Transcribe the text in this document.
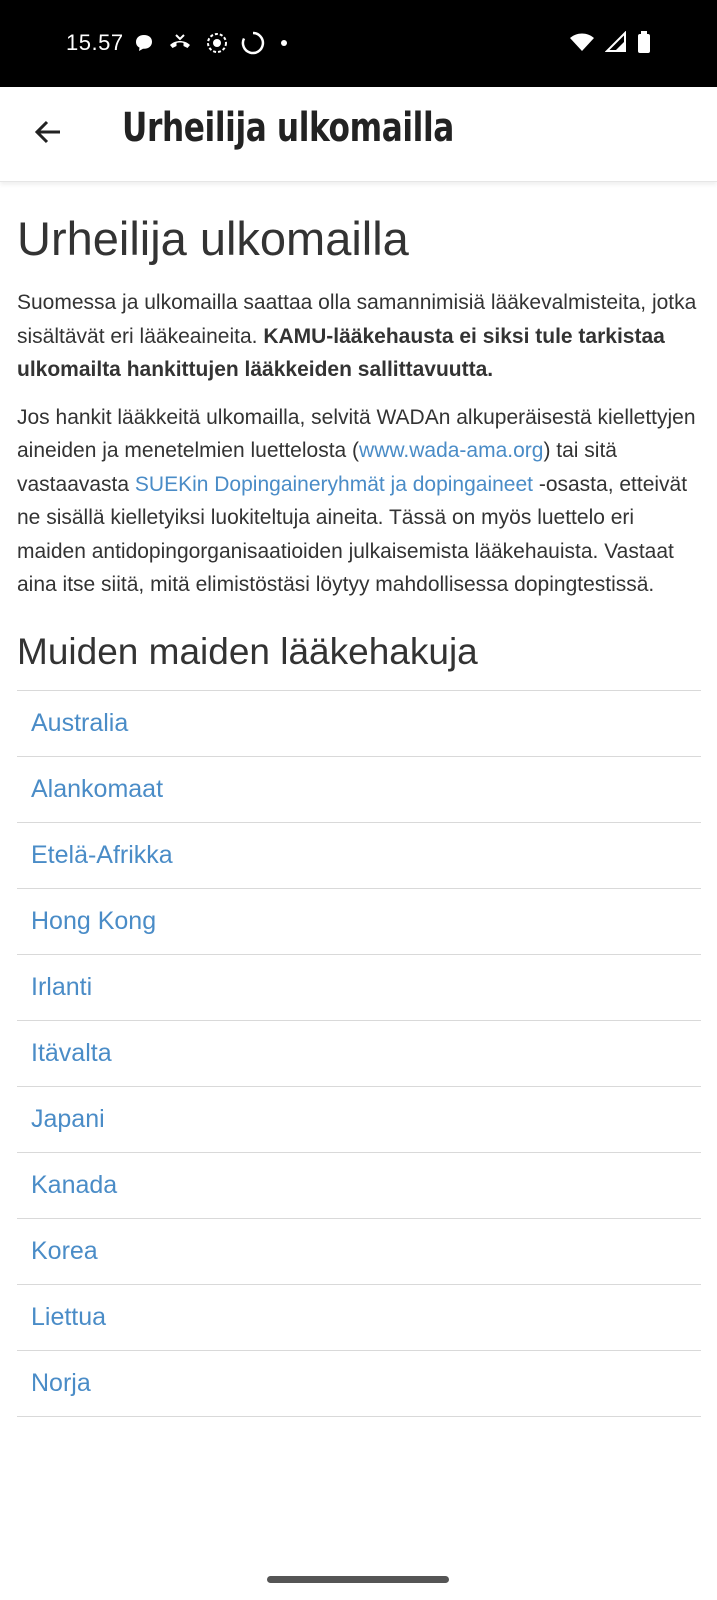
15.57
Urheilija ulkomailla
Urheilija ulkomailla

Suomessa ja ulkomailla saattaa olla samannimisiä lääkevalmisteita, jotka sisältävät eri lääkeaineita. KAMU-lääkehausta ei siksi tule tarkistaa ulkomailta hankittujen lääkkeiden sallittavuutta.

Jos hankit lääkkeitä ulkomailla, selvitä WADAn alkuperäisestä kiellettyjen aineiden ja menetelmien luettelosta (www.wada-ama.org) tai sitä vastaavasta SUEKin Dopingaineryhmät ja dopingaineet -osasta, etteivät ne sisällä kielletyiksi luokiteltuja aineita. Tässä on myös luettelo eri maiden antidopingorganisaatioiden julkaisemista lääkehauista. Vastaat aina itse siitä, mitä elimistöstäsi löytyy mahdollisessa dopingtestissä.

Muiden maiden lääkehakuja
Australia
Alankomaat
Etelä-Afrikka
Hong Kong
Irlanti
Itävalta
Japani
Kanada
Korea
Liettua
Norja
